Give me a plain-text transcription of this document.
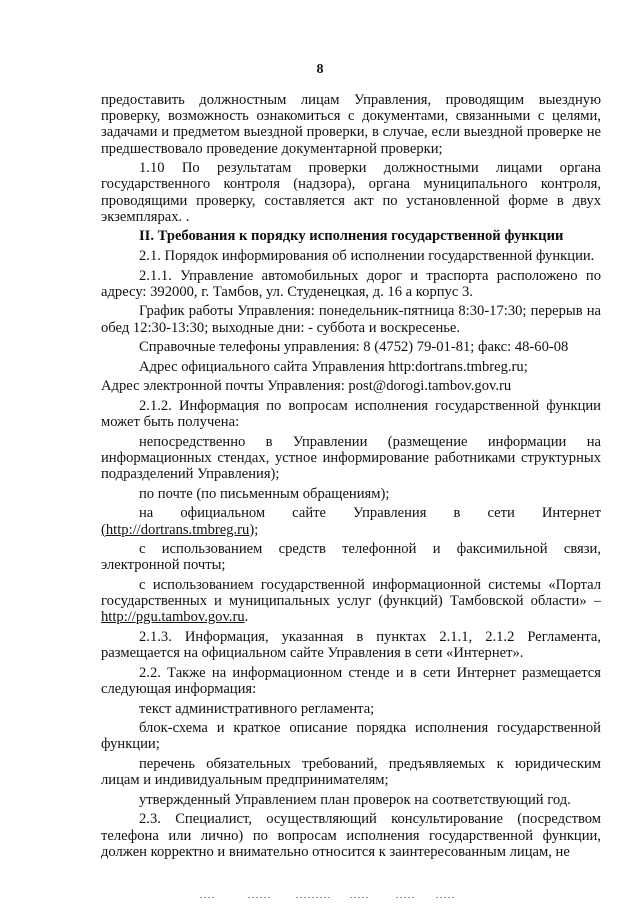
8

предоставить должностным лицам Управления, проводящим выездную проверку, возможность ознакомиться с документами, связанными с целями, задачами и предметом выездной проверки, в случае, если выездной проверке не предшествовало проведение документарной проверки;

1.10 По результатам проверки должностными лицами органа государственного контроля (надзора), органа муниципального контроля, проводящими проверку, составляется акт по установленной форме в двух экземплярах. .

II. Требования к порядку исполнения государственной функции

2.1. Порядок информирования об исполнении государственной функции.

2.1.1. Управление автомобильных дорог и траспорта расположено по адресу: 392000, г. Тамбов, ул. Студенецкая, д. 16 а корпус 3.

График работы Управления: понедельник-пятница 8:30-17:30; перерыв на обед 12:30-13:30; выходные дни: - суббота и воскресенье.

Справочные телефоны управления: 8 (4752) 79-01-81; факс: 48-60-08

Адрес официального сайта Управления http:dortrans.tmbreg.ru;

Адрес электронной почты Управления: post@dorogi.tambov.gov.ru

2.1.2. Информация по вопросам исполнения государственной функции может быть получена:

непосредственно в Управлении (размещение информации на информационных стендах, устное информирование работниками структурных подразделений Управления);

по почте (по письменным обращениям);

на официальном сайте Управления в сети Интернет (http://dortrans.tmbreg.ru);

с использованием средств телефонной и факсимильной связи, электронной почты;

с использованием государственной информационной системы «Портал государственных и муниципальных услуг (функций) Тамбовской области» – http://pgu.tambov.gov.ru.

2.1.3. Информация, указанная в пунктах 2.1.1, 2.1.2 Регламента, размещается на официальном сайте Управления в сети «Интернет».

2.2. Также на информационном стенде и в сети Интернет размещается следующая информация:

текст административного регламента;

блок-схема и краткое описание порядка исполнения государственной функции;

перечень обязательных требований, предъявляемых к юридическим лицам и индивидуальным предпринимателям;

утвержденный Управлением план проверок на соответствующий год.

2.3. Специалист, осуществляющий консультирование (посредством телефона или лично) по вопросам исполнения государственной функции, должен корректно и внимательно относится к заинтересованным лицам, не
